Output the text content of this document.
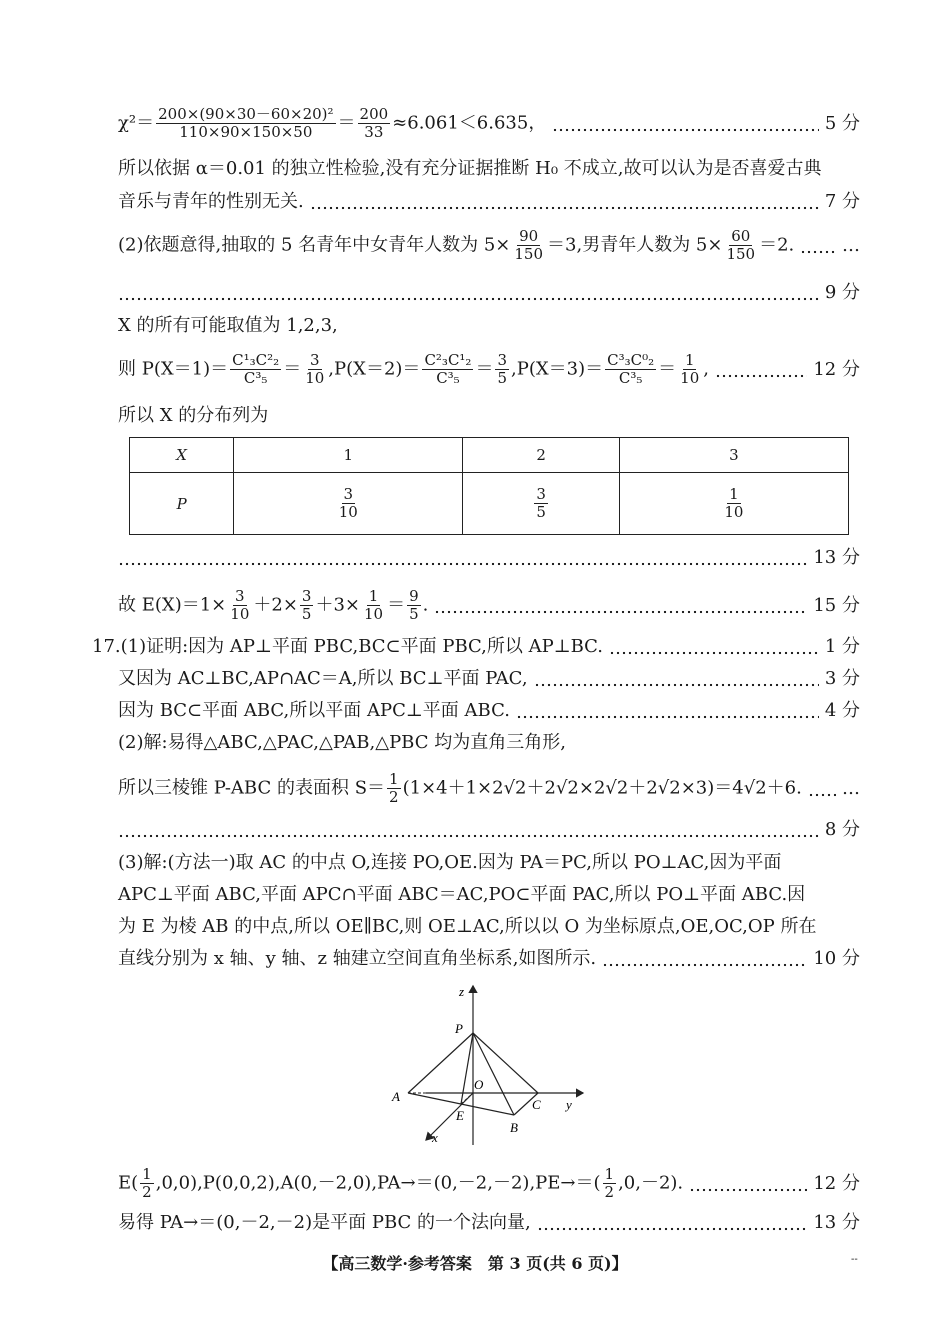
$\chi^2= \frac{\text{200×(90×30－60×20)²}}{110\times 90\times 150\times 50} = \frac{200}{33} \approx 6.061<6.635$，	5 分
所以依据 α＝0.01 的独立性检验,没有充分证据推断 H₀ 不成立,故可以认为是否喜爱古典
音乐与青年的性别无关.	7 分
(2)依题意得,抽取的 5 名青年中女青年人数为 $5\times \frac{90}{150} =3$,男青年人数为 $5\times \frac{60}{150} =2$.	…
9 分
X 的所有可能取值为 1,2,3,
则 $P(X=1)= \frac{\text{C¹₃C²₂}}{\text{C³₅}} = \frac{3}{10} ,P(X=2)= \frac{\text{C²₃C¹₂}}{\text{C³₅}} = \frac{3}{5} ,P(X=3)= \frac{\text{C³₃C⁰₂}}{\text{C³₅}} = \frac{1}{10}$ ,	12 分
所以 X 的分布列为
X	1	2	3
P	$\frac{3}{10}$	$\frac{3}{5}$	$\frac{1}{10}$
13 分
故 $E(X)=1\times \frac{3}{10} +2\times \frac{3}{5} +3\times \frac{1}{10} = \frac{9}{5}$ .	15 分
17.(1)证明:因为 AP⊥平面 PBC,BC⊂平面 PBC,所以 AP⊥BC.	1 分
又因为 AC⊥BC,AP∩AC＝A,所以 BC⊥平面 PAC,	3 分
因为 BC⊂平面 ABC,所以平面 APC⊥平面 ABC.	4 分
(2)解:易得△ABC,△PAC,△PAB,△PBC 均为直角三角形,
所以三棱锥 P-ABC 的表面积 $S= \frac{1}{2} (1\times 4+1\times 2√2+2√2\times 2√2+2√2\times 3)=4√2+6$. …
8 分
(3)解:(方法一)取 AC 的中点 O,连接 PO,OE.因为 PA＝PC,所以 PO⊥AC,因为平面
APC⊥平面 ABC,平面 APC∩平面 ABC＝AC,PO⊂平面 PAC,所以 PO⊥平面 ABC.因
为 E 为棱 AB 的中点,所以 OE∥BC,则 OE⊥AC,所以以 O 为坐标原点,OE,OC,OP 所在
直线分别为 x 轴、y 轴、z 轴建立空间直角坐标系,如图所示.	10 分
z
P
O
A
E
C y
B
x
$E( \frac{1}{2} ,0,0),P(0,0,2),A(0,-2,0),PA\to=(0,-2,-2),PE\to=( \frac{1}{2} ,0,-2)$.	12 分
易得 PA→＝(0,－2,－2)是平面 PBC 的一个法向量,	13 分
【高三数学·参考答案　第 3 页(共 6 页)】	--
